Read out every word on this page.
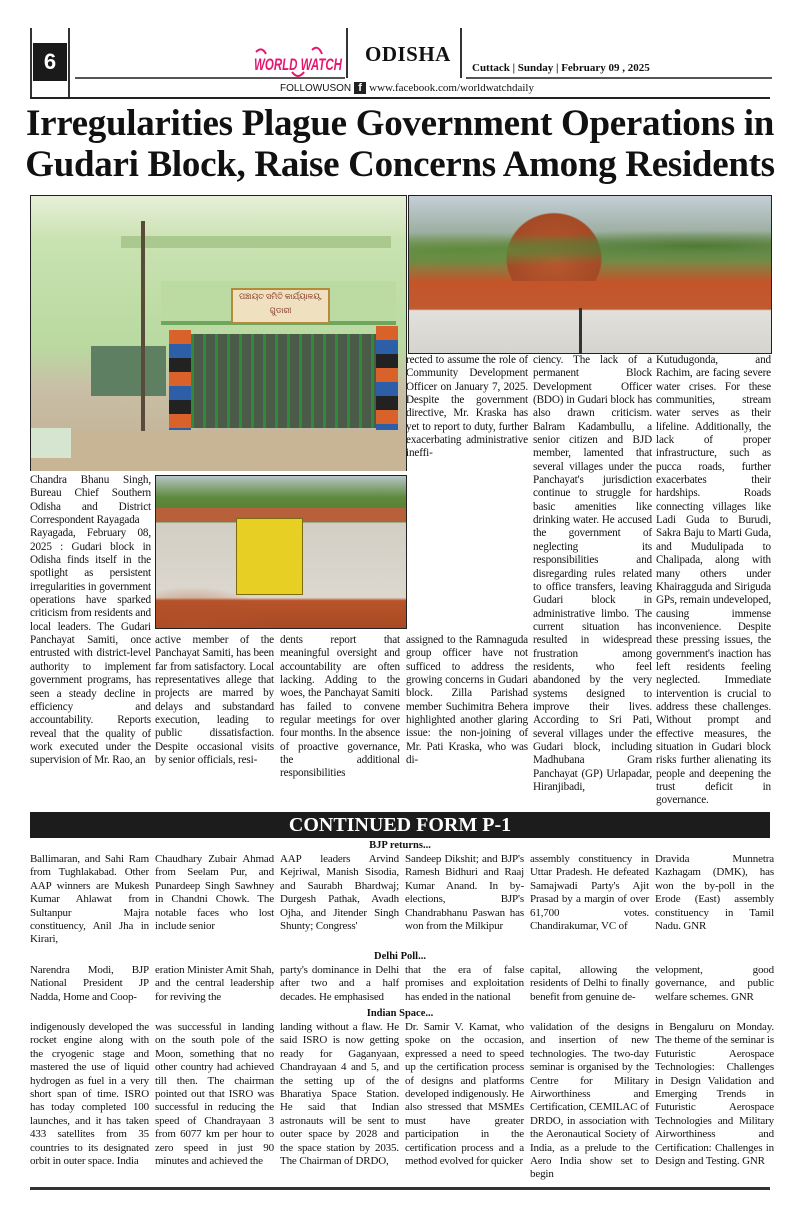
6	WORLD WATCH ODISHA
Cuttack | Sunday | February 09 , 2025
FOLLOWUSON f www.facebook.com/worldwatchdaily
Irregularities Plague Government Operations in Gudari Block, Raise Concerns Among Residents
ପଞ୍ଚାୟତ ସମିତି କାର୍ଯ୍ୟାଳୟ, ଗୁଡାରୀ

Chandra Bhanu Singh, Bureau Chief Southern Odisha and District Correspondent Rayagada

Rayagada, February 08, 2025 : Gudari block in Odisha finds itself in the spotlight as persistent irregularities in government operations have sparked criticism from residents and local leaders. The Gudari Panchayat Samiti, once entrusted with district-level authority to implement government programs, has seen a steady decline in efficiency and accountability. Reports reveal that the quality of work executed under the supervision of Mr. Rao, an

active member of the Panchayat Samiti, has been far from satisfactory. Local representatives allege that projects are marred by delays and substandard execution, leading to public dissatisfaction. Despite occasional visits by senior officials, resi-
dents report that meaningful oversight and accountability are often lacking. Adding to the woes, the Panchayat Samiti has failed to convene regular meetings for over four months. In the absence of proactive governance, the additional responsibilities
assigned to the Ramnaguda group officer have not sufficed to address the growing concerns in Gudari block. Zilla Parishad member Suchimitra Behera highlighted another glaring issue: the non-joining of Mr. Pati Kraska, who was di-
rected to assume the role of Community Development Officer on January 7, 2025. Despite the government directive, Mr. Kraska has yet to report to duty, further exacerbating administrative ineffi-
ciency. The lack of a permanent Block Development Officer (BDO) in Gudari block has also drawn criticism. Balram Kadambullu, a senior citizen and BJD member, lamented that several villages under the Panchayat's jurisdiction continue to struggle for basic amenities like drinking water. He accused the government of neglecting its responsibilities and disregarding rules related to office transfers, leaving Gudari block in administrative limbo. The current situation has resulted in widespread frustration among residents, who feel abandoned by the very systems designed to improve their lives. According to Sri Pati, several villages under the Gudari block, including Madhubana Gram Panchayat (GP) Urlapadar, Hiranjibadi,
Kutudugonda, and Rachim, are facing severe water crises. For these communities, stream water serves as their lifeline. Additionally, the lack of proper infrastructure, such as pucca roads, further exacerbates their hardships. Roads connecting villages like Ladi Guda to Burudi, Sakra Baju to Marti Guda, and Mudulipada to Chalipada, along with many others under Khairagguda and Siriguda GPs, remain undeveloped, causing immense inconvenience. Despite these pressing issues, the government's inaction has left residents feeling neglected. Immediate intervention is crucial to address these challenges. Without prompt and effective measures, the situation in Gudari block risks further alienating its people and deepening the trust deficit in governance.
CONTINUED FORM P-1
BJP returns...
Ballimaran, and Sahi Ram from Tughlakabad. Other AAP winners are Mukesh Kumar Ahlawat from Sultanpur Majra constituency, Anil Jha in Kirari,
Chaudhary Zubair Ahmad from Seelam Pur, and Punardeep Singh Sawhney in Chandni Chowk. The notable faces who lost include senior
AAP leaders Arvind Kejriwal, Manish Sisodia, and Saurabh Bhardwaj; Durgesh Pathak, Avadh Ojha, and Jitender Singh Shunty; Congress'
Sandeep Dikshit; and BJP's Ramesh Bidhuri and Raaj Kumar Anand. In by-elections, BJP's Chandrabhanu Paswan has won from the Milkipur
assembly constituency in Uttar Pradesh. He defeated Samajwadi Party's Ajit Prasad by a margin of over 61,700 votes. Chandirakumar, VC of
Dravida Munnetra Kazhagam (DMK), has won the by-poll in the Erode (East) assembly constituency in Tamil Nadu. GNR
Delhi Poll...
Narendra Modi, BJP National President JP Nadda, Home and Coop-
eration Minister Amit Shah, and the central leadership for reviving the
party's dominance in Delhi after two and a half decades. He emphasised
that the era of false promises and exploitation has ended in the national
capital, allowing the residents of Delhi to finally benefit from genuine de-
velopment, good governance, and public welfare schemes. GNR
Indian Space...
indigenously developed the rocket engine along with the cryogenic stage and mastered the use of liquid hydrogen as fuel in a very short span of time. ISRO has today completed 100 launches, and it has taken 433 satellites from 35 countries to its designated orbit in outer space. India
was successful in landing on the south pole of the Moon, something that no other country had achieved till then. The chairman pointed out that ISRO was successful in reducing the speed of Chandrayaan 3 from 6077 km per hour to zero speed in just 90 minutes and achieved the
landing without a flaw. He said ISRO is now getting ready for Gaganyaan, Chandrayaan 4 and 5, and the setting up of the Bharatiya Space Station. He said that Indian astronauts will be sent to outer space by 2028 and the space station by 2035. The Chairman of DRDO,
Dr. Samir V. Kamat, who spoke on the occasion, expressed a need to speed up the certification process of designs and platforms developed indigenously. He also stressed that MSMEs must have greater participation in the certification process and a method evolved for quicker
validation of the designs and insertion of new technologies. The two-day seminar is organised by the Centre for Military Airworthiness and Certification, CEMILAC of DRDO, in association with the Aeronautical Society of India, as a prelude to the Aero India show set to begin
in Bengaluru on Monday. The theme of the seminar is Futuristic Aerospace Technologies: Challenges in Design Validation and Emerging Trends in Futuristic Aerospace Technologies and Military Airworthiness and Certification: Challenges in Design and Testing. GNR
